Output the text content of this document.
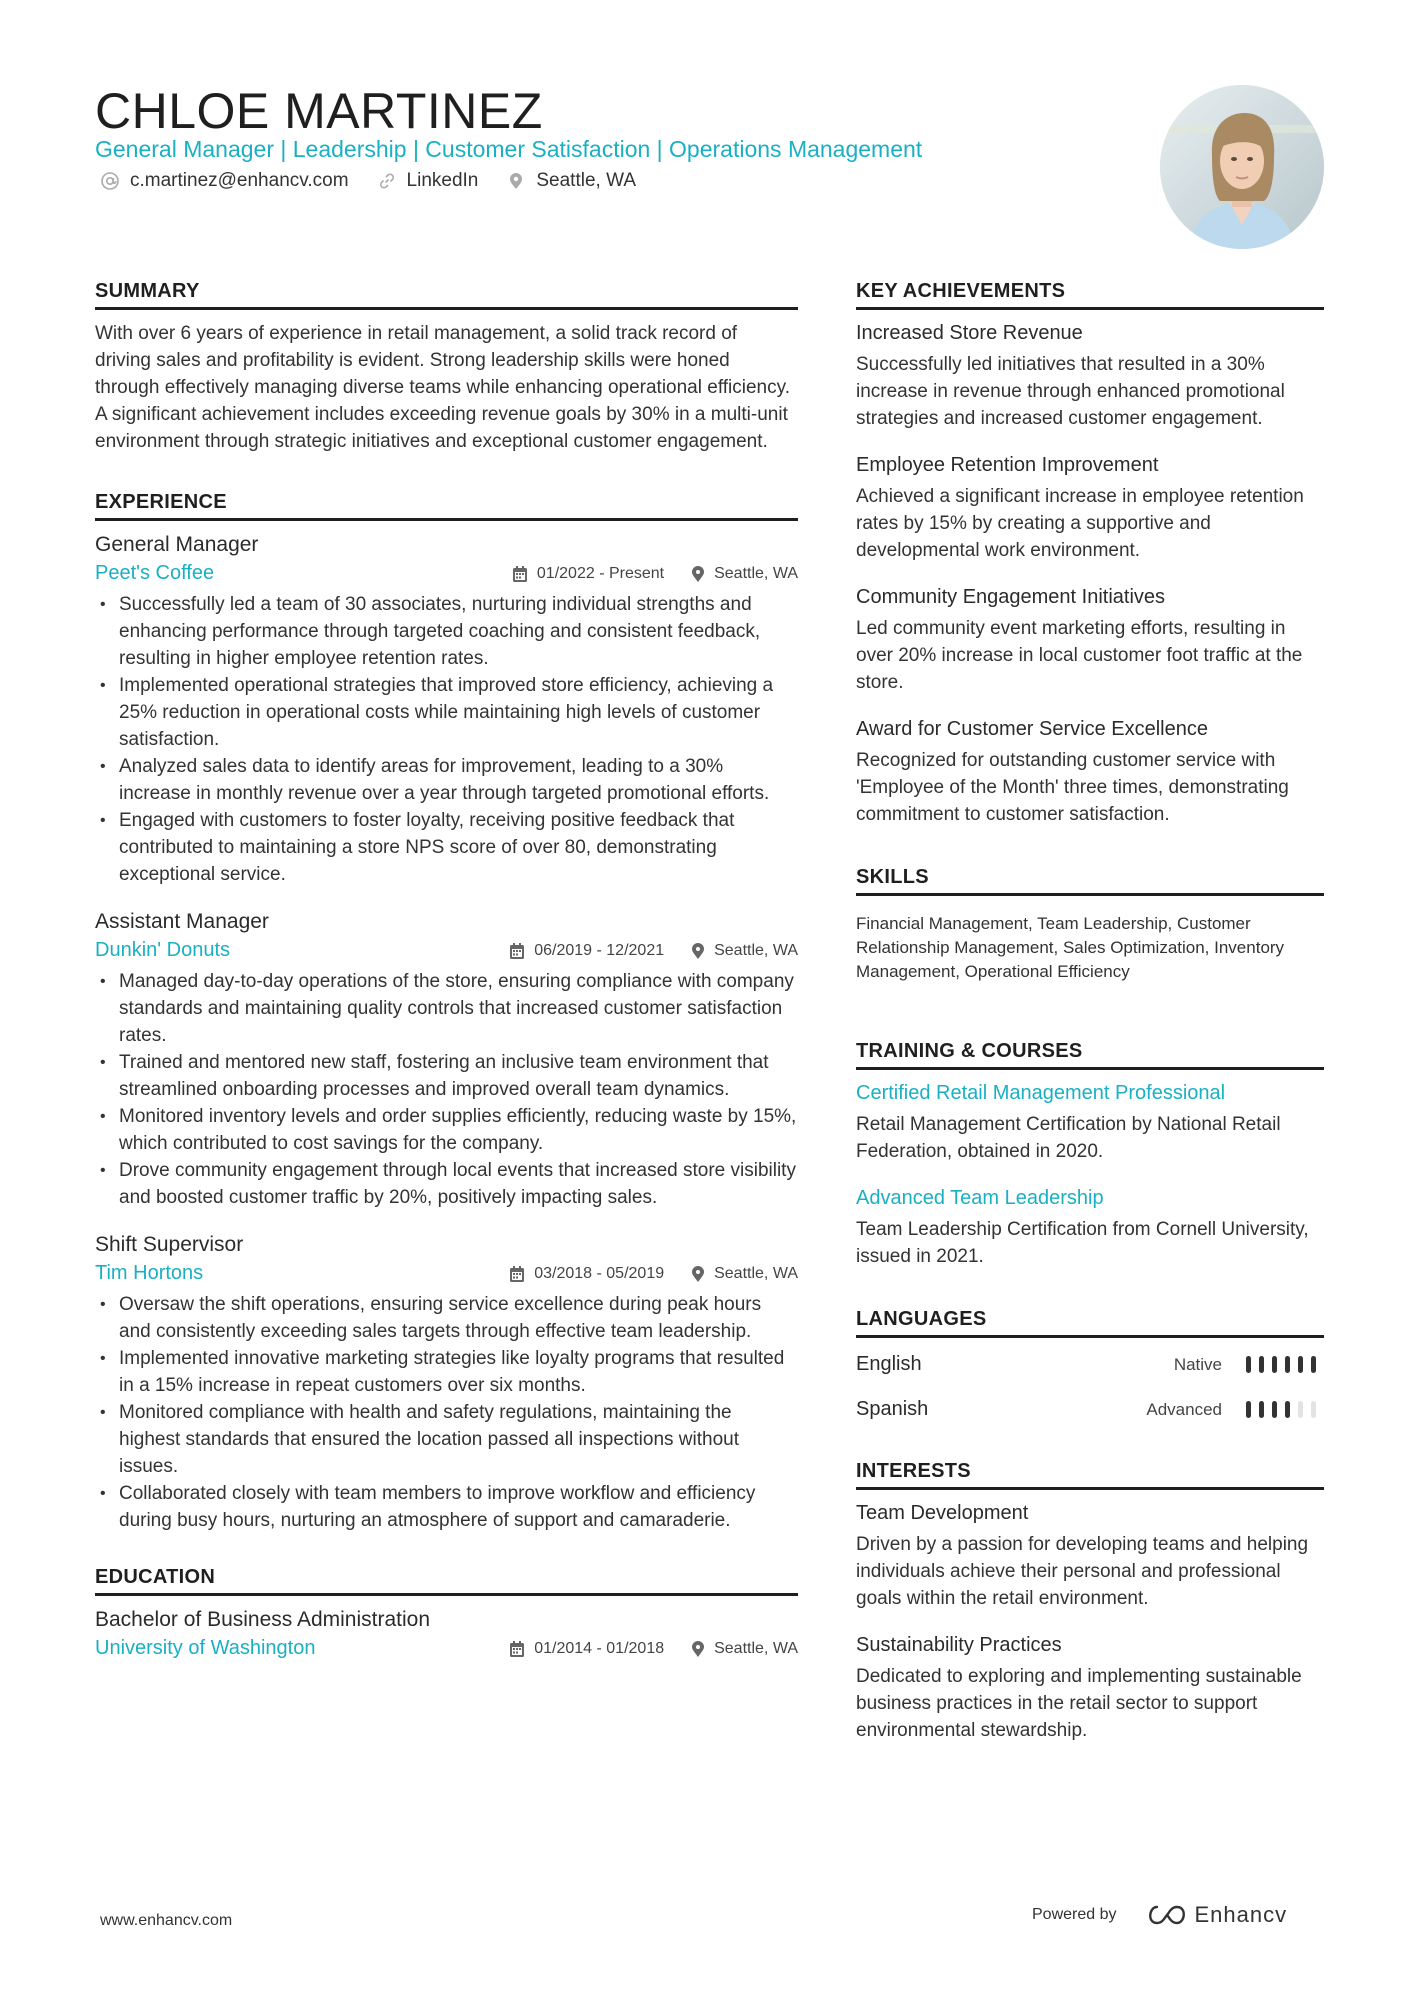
CHLOE MARTINEZ
General Manager | Leadership | Customer Satisfaction | Operations Management
c.martinez@enhancv.com	LinkedIn	Seattle, WA
SUMMARY

With over 6 years of experience in retail management, a solid track record of driving sales and profitability is evident. Strong leadership skills were honed through effectively managing diverse teams while enhancing operational efficiency. A significant achievement includes exceeding revenue goals by 30% in a multi-unit environment through strategic initiatives and exceptional customer engagement.

EXPERIENCE
General Manager
Peet's Coffee	01/2022 - Present	Seattle, WA
• Successfully led a team of 30 associates, nurturing individual strengths and enhancing performance through targeted coaching and consistent feedback, resulting in higher employee retention rates.
• Implemented operational strategies that improved store efficiency, achieving a 25% reduction in operational costs while maintaining high levels of customer satisfaction.
• Analyzed sales data to identify areas for improvement, leading to a 30% increase in monthly revenue over a year through targeted promotional efforts.
• Engaged with customers to foster loyalty, receiving positive feedback that contributed to maintaining a store NPS score of over 80, demonstrating exceptional service.
Assistant Manager
Dunkin' Donuts	06/2019 - 12/2021	Seattle, WA
• Managed day-to-day operations of the store, ensuring compliance with company standards and maintaining quality controls that increased customer satisfaction rates.
• Trained and mentored new staff, fostering an inclusive team environment that streamlined onboarding processes and improved overall team dynamics.
• Monitored inventory levels and order supplies efficiently, reducing waste by 15%, which contributed to cost savings for the company.
• Drove community engagement through local events that increased store visibility and boosted customer traffic by 20%, positively impacting sales.
Shift Supervisor
Tim Hortons	03/2018 - 05/2019	Seattle, WA
• Oversaw the shift operations, ensuring service excellence during peak hours and consistently exceeding sales targets through effective team leadership.
• Implemented innovative marketing strategies like loyalty programs that resulted in a 15% increase in repeat customers over six months.
• Monitored compliance with health and safety regulations, maintaining the highest standards that ensured the location passed all inspections without issues.
• Collaborated closely with team members to improve workflow and efficiency during busy hours, nurturing an atmosphere of support and camaraderie.
EDUCATION
Bachelor of Business Administration
University of Washington	01/2014 - 01/2018	Seattle, WA
KEY ACHIEVEMENTS
Increased Store Revenue
Successfully led initiatives that resulted in a 30% increase in revenue through enhanced promotional strategies and increased customer engagement.
Employee Retention Improvement
Achieved a significant increase in employee retention rates by 15% by creating a supportive and developmental work environment.
Community Engagement Initiatives
Led community event marketing efforts, resulting in over 20% increase in local customer foot traffic at the store.
Award for Customer Service Excellence
Recognized for outstanding customer service with 'Employee of the Month' three times, demonstrating commitment to customer satisfaction.
SKILLS

Financial Management, Team Leadership, Customer Relationship Management, Sales Optimization, Inventory Management, Operational Efficiency

TRAINING & COURSES
Certified Retail Management Professional
Retail Management Certification by National Retail Federation, obtained in 2020.
Advanced Team Leadership
Team Leadership Certification from Cornell University, issued in 2021.
LANGUAGES
English	Native
Spanish	Advanced
INTERESTS
Team Development
Driven by a passion for developing teams and helping individuals achieve their personal and professional goals within the retail environment.
Sustainability Practices
Dedicated to exploring and implementing sustainable business practices in the retail sector to support environmental stewardship.
www.enhancv.com	Powered by	Enhancv
